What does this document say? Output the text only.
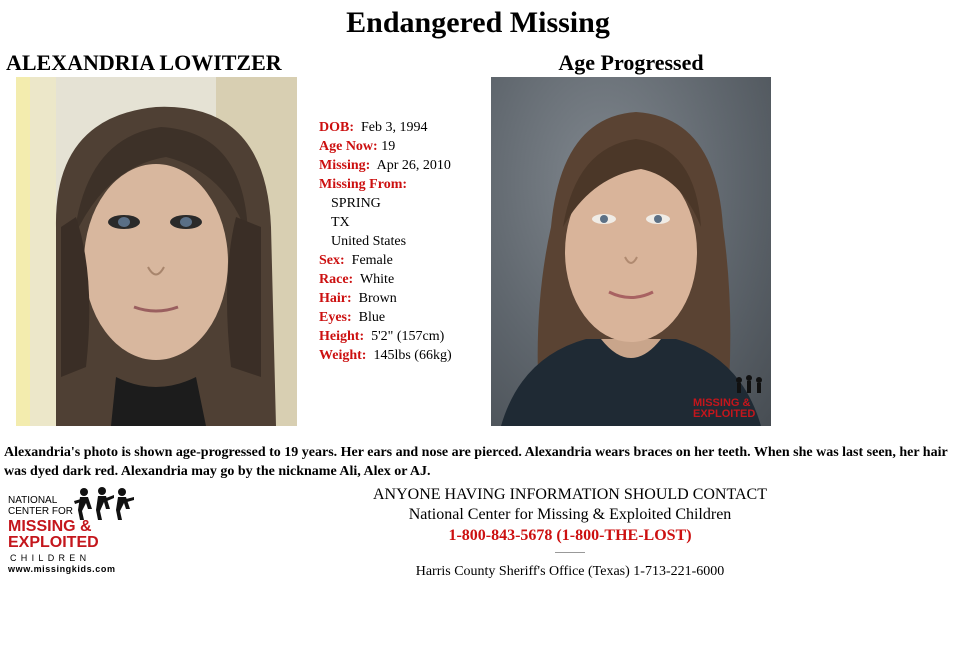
Endangered Missing
ALEXANDRIA LOWITZER	Age Progressed
DOB: Feb 3, 1994
Age Now: 19
Missing: Apr 26, 2010
Missing From:
SPRING
TX
United States
Sex: Female
Race: White
Hair: Brown
Eyes: Blue
Height: 5'2" (157cm)
Weight: 145lbs (66kg)
MISSING &
EXPLOITED
Alexandria's photo is shown age-progressed to 19 years. Her ears and nose are pierced. Alexandria wears braces on her teeth. When she was last seen, her hair was dyed dark red. Alexandria may go by the nickname Ali, Alex or AJ.
NATIONAL
CENTER FOR
MISSING &
EXPLOITED
CHILDREN
www.missingkids.com
ANYONE HAVING INFORMATION SHOULD CONTACT
National Center for Missing & Exploited Children
1-800-843-5678 (1-800-THE-LOST)
Harris County Sheriff's Office (Texas) 1-713-221-6000
